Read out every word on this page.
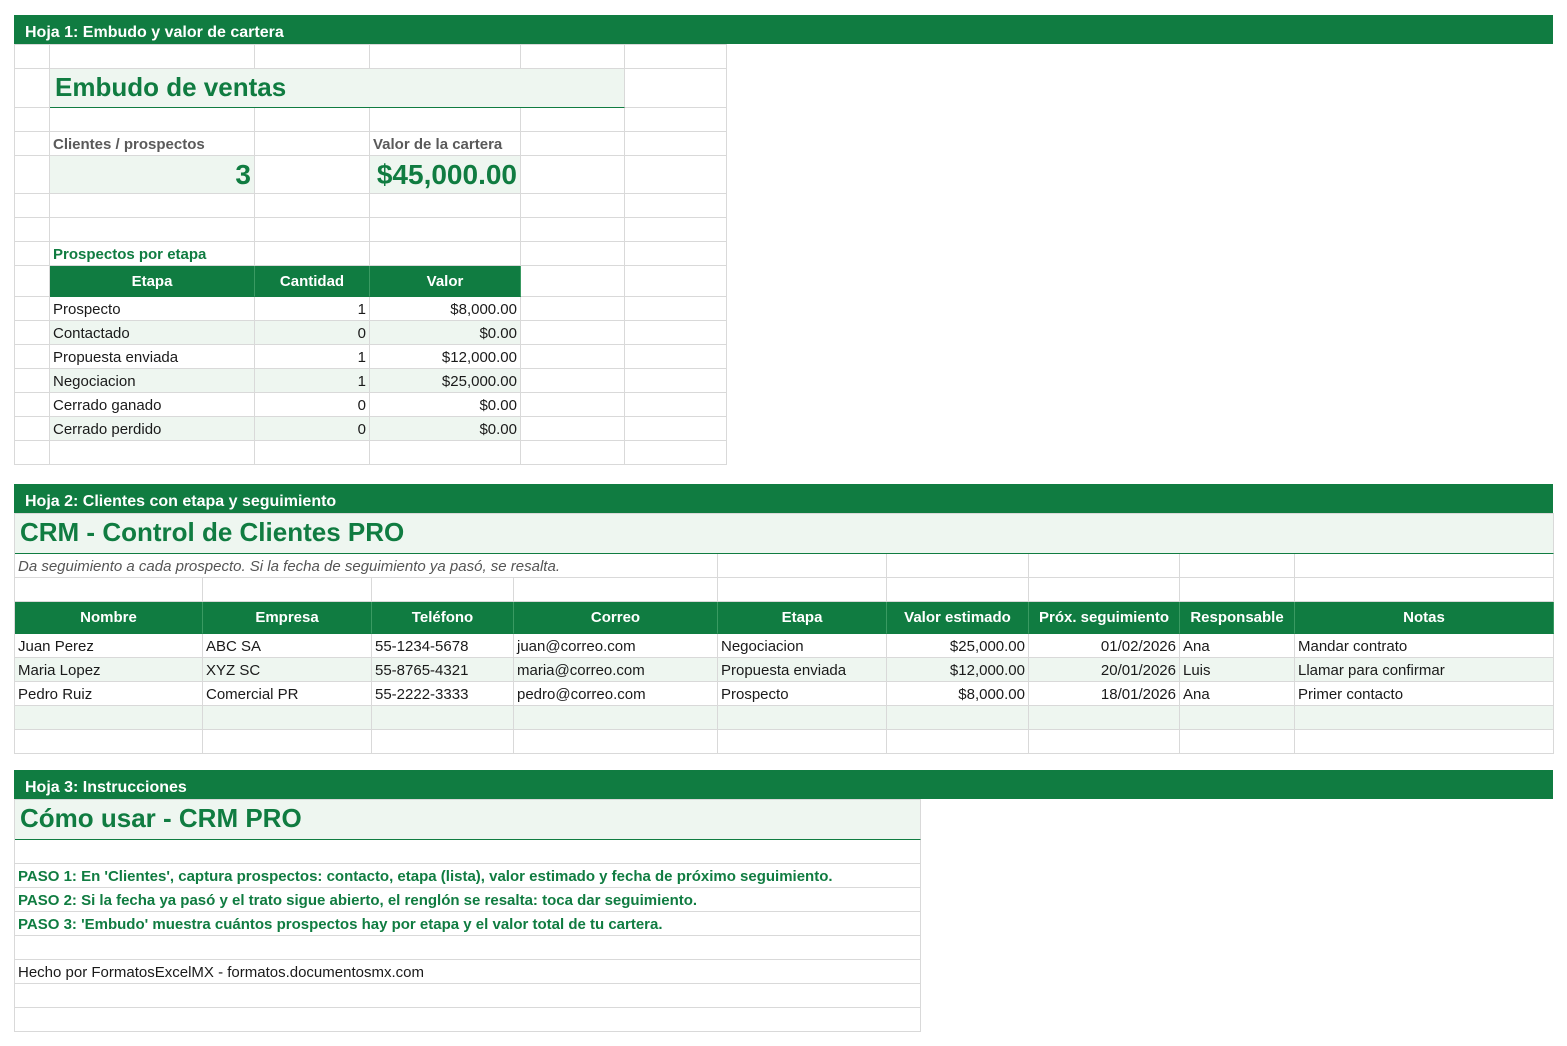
Hoja 1: Embudo y valor de cartera
Embudo de ventas
Clientes / prospectos	Valor de la cartera
3	$45,000.00
Prospectos por etapa
Etapa	Cantidad	Valor
Prospecto	1	$8,000.00
Contactado	0	$0.00
Propuesta enviada	1	$12,000.00
Negociacion	1	$25,000.00
Cerrado ganado	0	$0.00
Cerrado perdido	0	$0.00
Hoja 2: Clientes con etapa y seguimiento
CRM - Control de Clientes PRO
Da seguimiento a cada prospecto. Si la fecha de seguimiento ya pasó, se resalta.
Nombre	Empresa	Teléfono	Correo	Etapa	Valor estimado	Próx. seguimiento	Responsable	Notas
Juan Perez	ABC SA	55-1234-5678	juan@correo.com	Negociacion	$25,000.00	01/02/2026 Ana	Mandar contrato
Maria Lopez	XYZ SC	55-8765-4321	maria@correo.com	Propuesta enviada	$12,000.00	20/01/2026 Luis	Llamar para confirmar
Pedro Ruiz	Comercial PR	55-2222-3333	pedro@correo.com	Prospecto	$8,000.00	18/01/2026 Ana	Primer contacto
Hoja 3: Instrucciones
Cómo usar - CRM PRO
PASO 1: En 'Clientes', captura prospectos: contacto, etapa (lista), valor estimado y fecha de próximo seguimiento.
PASO 2: Si la fecha ya pasó y el trato sigue abierto, el renglón se resalta: toca dar seguimiento.
PASO 3: 'Embudo' muestra cuántos prospectos hay por etapa y el valor total de tu cartera.
Hecho por FormatosExcelMX - formatos.documentosmx.com
